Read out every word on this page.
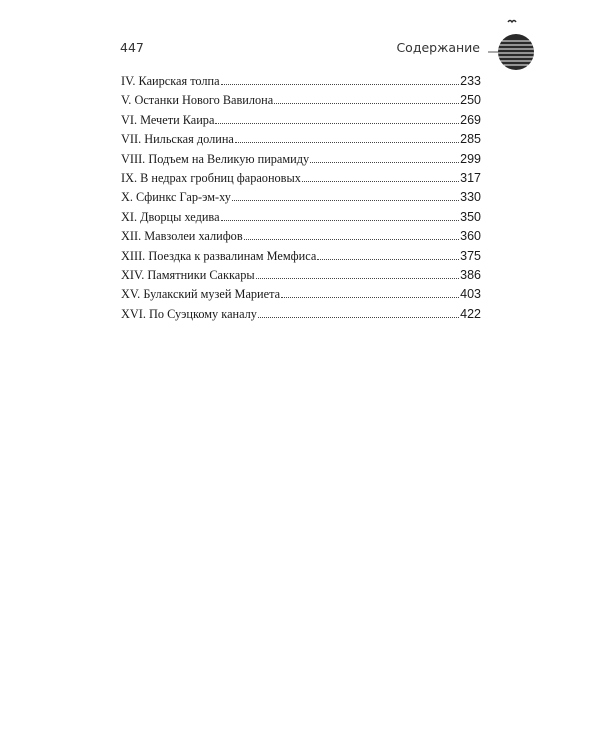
447	Содержание
IV. Каирская толпа	233
V. Останки Нового Вавилона	250
VI. Мечети Каира	269
VII. Нильская долина	285
VIII. Подъем на Великую пирамиду	299
IX. В недрах гробниц фараоновых	317
X. Сфинкс Гар-эм-ху	330
XI. Дворцы хедива	350
XII. Мавзолеи халифов	360
XIII. Поездка к развалинам Мемфиса	375
XIV. Памятники Саккары	386
XV. Булакский музей Мариета	403
XVI. По Суэцкому каналу	422
